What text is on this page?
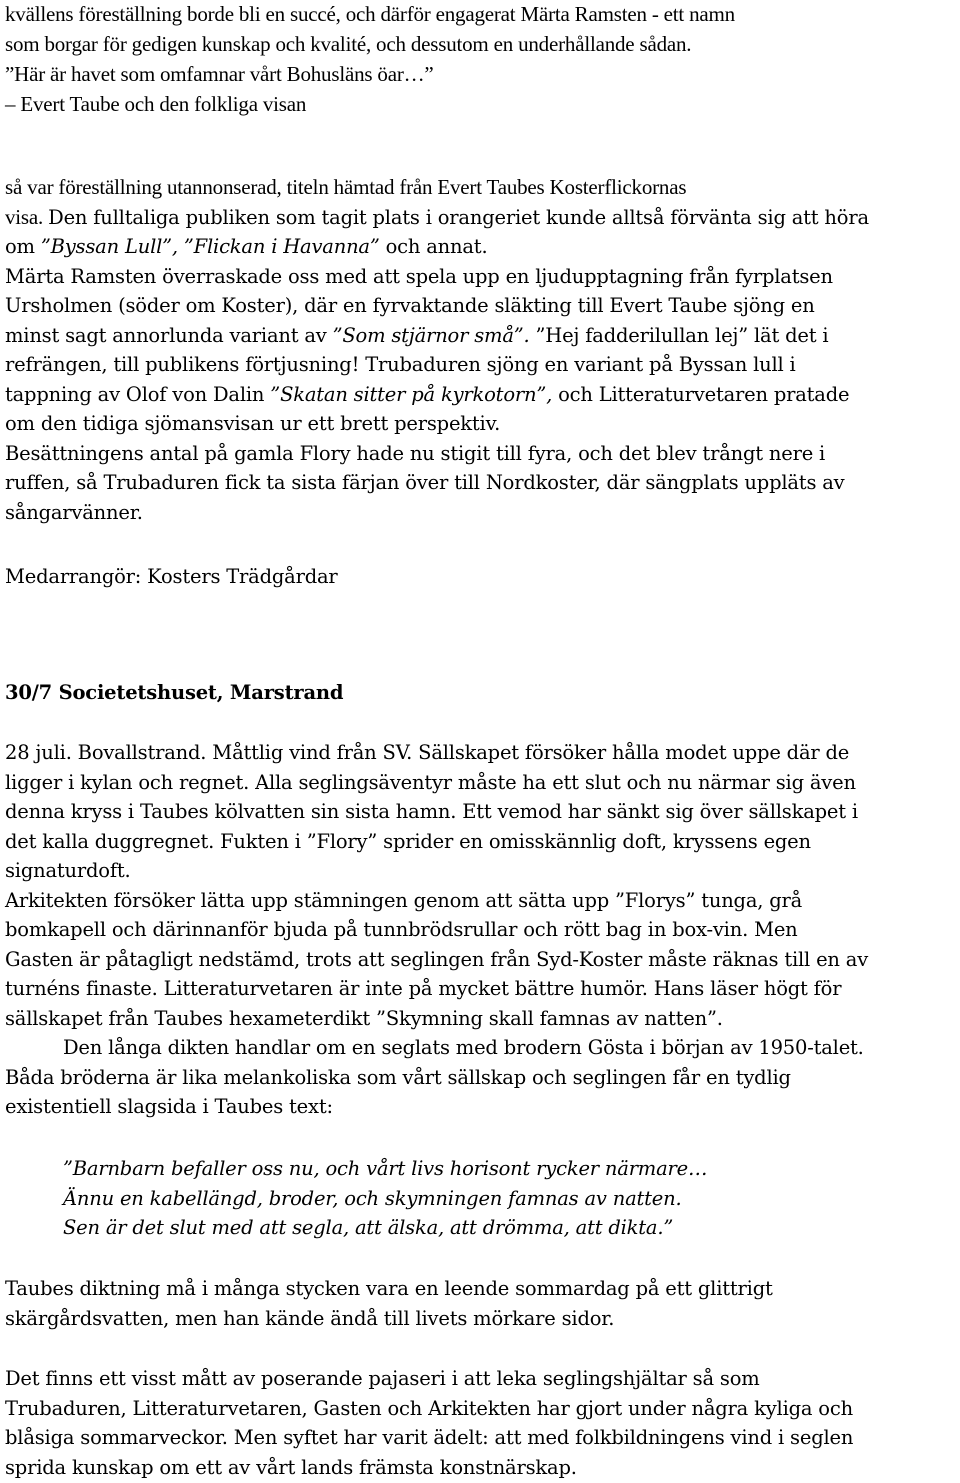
kvällens föreställning borde bli en succé, och därför engagerat Märta Ramsten - ett namn
som borgar för gedigen kunskap och kvalité, och dessutom en underhållande sådan.
”Här är havet som omfamnar vårt Bohusläns öar…”
– Evert Taube och den folkliga visan
så var föreställning utannonserad, titeln hämtad från Evert Taubes Kosterflickornas
visa. Den fulltaliga publiken som tagit plats i orangeriet kunde alltså förvänta sig att höra
om ”Byssan Lull”, ”Flickan i Havanna” och annat.
Märta Ramsten överraskade oss med att spela upp en ljudupptagning från fyrplatsen
Ursholmen (söder om Koster), där en fyrvaktande släkting till Evert Taube sjöng en
minst sagt annorlunda variant av ”Som stjärnor små”. ”Hej fadderilullan lej” lät det i
refrängen, till publikens förtjusning! Trubaduren sjöng en variant på Byssan lull i
tappning av Olof von Dalin ”Skatan sitter på kyrkotorn”, och Litteraturvetaren pratade
om den tidiga sjömansvisan ur ett brett perspektiv.
Besättningens antal på gamla Flory hade nu stigit till fyra, och det blev trångt nere i
ruffen, så Trubaduren fick ta sista färjan över till Nordkoster, där sängplats uppläts av
sångarvänner.
Medarrangör: Kosters Trädgårdar
30/7 Societetshuset, Marstrand
28 juli. Bovallstrand. Måttlig vind från SV. Sällskapet försöker hålla modet uppe där de
ligger i kylan och regnet. Alla seglingsäventyr måste ha ett slut och nu närmar sig även
denna kryss i Taubes kölvatten sin sista hamn. Ett vemod har sänkt sig över sällskapet i
det kalla duggregnet. Fukten i ”Flory” sprider en omisskännlig doft, kryssens egen
signaturdoft.
Arkitekten försöker lätta upp stämningen genom att sätta upp ”Florys” tunga, grå
bomkapell och därinnanför bjuda på tunnbrödsrullar och rött bag in box-vin. Men
Gasten är påtagligt nedstämd, trots att seglingen från Syd-Koster måste räknas till en av
turnéns finaste. Litteraturvetaren är inte på mycket bättre humör. Hans läser högt för
sällskapet från Taubes hexameterdikt ”Skymning skall famnas av natten”.
Den långa dikten handlar om en seglats med brodern Gösta i början av 1950-talet.
Båda bröderna är lika melankoliska som vårt sällskap och seglingen får en tydlig
existentiell slagsida i Taubes text:
”Barnbarn befaller oss nu, och vårt livs horisont rycker närmare…
Ännu en kabellängd, broder, och skymningen famnas av natten.
Sen är det slut med att segla, att älska, att drömma, att dikta.”
Taubes diktning må i många stycken vara en leende sommardag på ett glittrigt
skärgårdsvatten, men han kände ändå till livets mörkare sidor.
Det finns ett visst mått av poserande pajaseri i att leka seglingshjältar så som
Trubaduren, Litteraturvetaren, Gasten och Arkitekten har gjort under några kyliga och
blåsiga sommarveckor. Men syftet har varit ädelt: att med folkbildningens vind i seglen
sprida kunskap om ett av vårt lands främsta konstnärskap.
